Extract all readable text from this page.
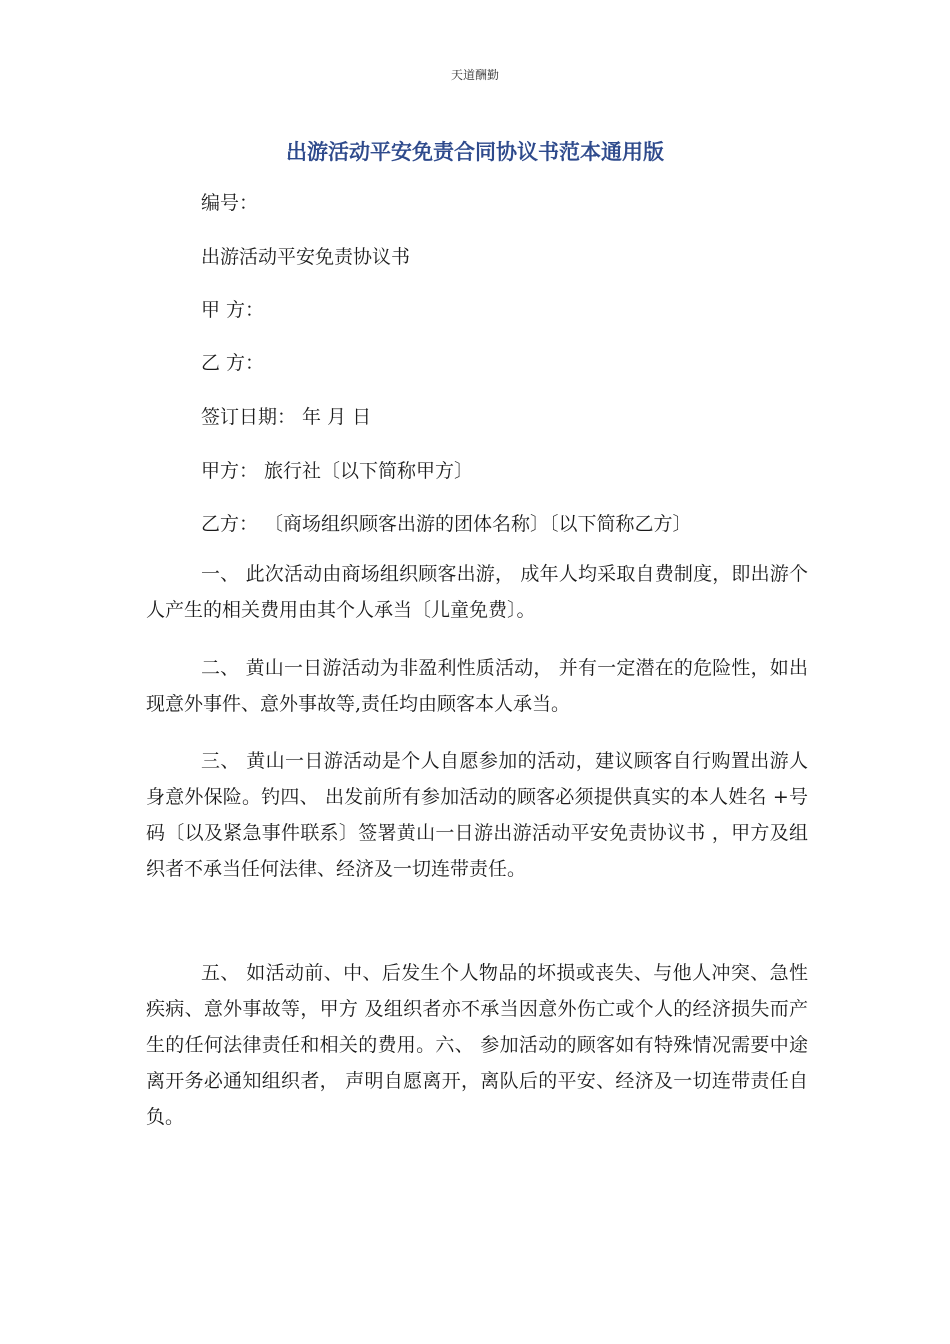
天道酬勤
出游活动平安免责合同协议书范本通用版
编号：
出游活动平安免责协议书
甲 方：
乙 方：
签订日期： 年 月 日
甲方： 旅行社〔以下简称甲方〕
乙方： 〔商场组织顾客出游的团体名称〕〔以下简称乙方〕

一、 此次活动由商场组织顾客出游， 成年人均采取自费制度，即出游个人产生的相关费用由其个人承当〔儿童免费〕。

二、 黄山一日游活动为非盈利性质活动， 并有一定潜在的危险性，如出现意外事件、意外事故等,责任均由顾客本人承当。

三、 黄山一日游活动是个人自愿参加的活动，建议顾客自行购置出游人身意外保险。钓四、 出发前所有参加活动的顾客必须提供真实的本人姓名 +号码〔以及紧急事件联系〕签署黄山一日游出游活动平安免责协议书 ，甲方及组织者不承当任何法律、经济及一切连带责任。

五、 如活动前、中、后发生个人物品的坏损或丧失、与他人冲突、急性疾病、意外事故等，甲方 及组织者亦不承当因意外伤亡或个人的经济损失而产生的任何法律责任和相关的费用。六、 参加活动的顾客如有特殊情况需要中途离开务必通知组织者， 声明自愿离开，离队后的平安、经济及一切连带责任自负。
